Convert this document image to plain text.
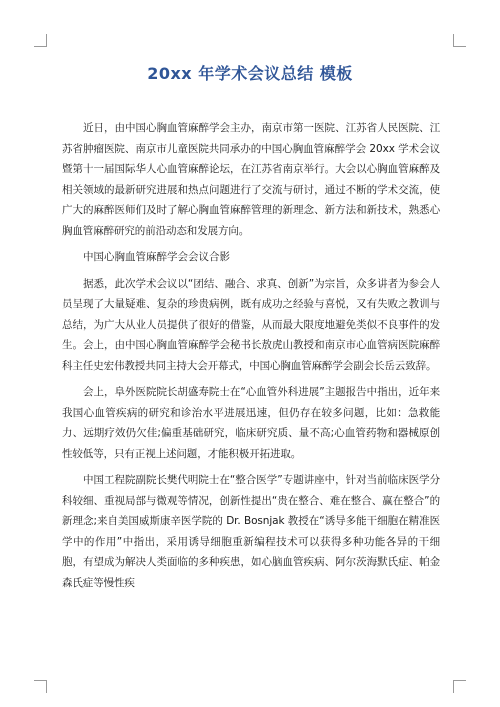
20xx 年学术会议总结 模板

近日，由中国心胸血管麻醉学会主办，南京市第一医院、江苏省人民医院、江苏省肿瘤医院、南京市儿童医院共同承办的中国心胸血管麻醉学会 20xx 学术会议暨第十一届国际华人心血管麻醉论坛，在江苏省南京举行。大会以心胸血管麻醉及相关领域的最新研究进展和热点问题进行了交流与研讨，通过不断的学术交流，使广大的麻醉医师们及时了解心胸血管麻醉管理的新理念、新方法和新技术，熟悉心胸血管麻醉研究的前沿动态和发展方向。

中国心胸血管麻醉学会会议合影

据悉，此次学术会议以“团结、融合、求真、创新”为宗旨，众多讲者为参会人员呈现了大量疑难、复杂的珍贵病例，既有成功之经验与喜悦，又有失败之教训与总结，为广大从业人员提供了很好的借鉴，从而最大限度地避免类似不良事件的发生。会上，由中国心胸血管麻醉学会秘书长敖虎山教授和南京市心血管病医院麻醉科主任史宏伟教授共同主持大会开幕式，中国心胸血管麻醉学会副会长岳云致辞。

会上，阜外医院院长胡盛寿院士在“心血管外科进展”主题报告中指出，近年来我国心血管疾病的研究和诊治水平进展迅速，但仍存在较多问题，比如：急救能力、远期疗效仍欠佳;偏重基础研究，临床研究质、量不高;心血管药物和器械原创性较低等，只有正视上述问题，才能积极开拓进取。

中国工程院副院长樊代明院士在“整合医学”专题讲座中，针对当前临床医学分科较细、重视局部与微观等情况，创新性提出“贵在整合、难在整合、赢在整合”的新理念;来自美国威斯康辛医学院的 Dr. Bosnjak 教授在“诱导多能干细胞在精准医学中的作用”中指出，采用诱导细胞重新编程技术可以获得多种功能各异的干细胞，有望成为解决人类面临的多种疾患，如心脑血管疾病、阿尔茨海默氏症、帕金森氏症等慢性疾
